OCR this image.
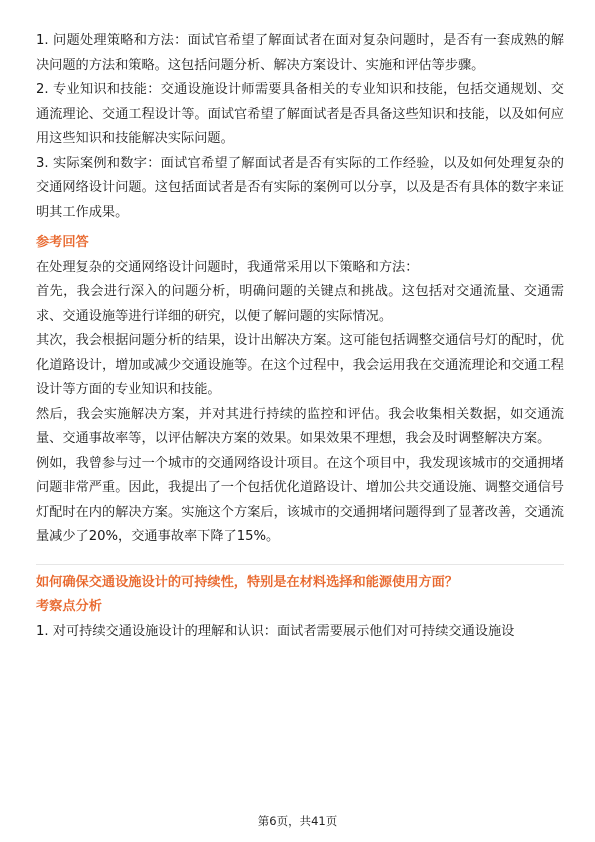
1. 问题处理策略和方法：面试官希望了解面试者在面对复杂问题时，是否有一套成熟的解决问题的方法和策略。这包括问题分析、解决方案设计、实施和评估等步骤。

2. 专业知识和技能：交通设施设计师需要具备相关的专业知识和技能，包括交通规划、交通流理论、交通工程设计等。面试官希望了解面试者是否具备这些知识和技能，以及如何应用这些知识和技能解决实际问题。

3. 实际案例和数字：面试官希望了解面试者是否有实际的工作经验，以及如何处理复杂的交通网络设计问题。这包括面试者是否有实际的案例可以分享，以及是否有具体的数字来证明其工作成果。

参考回答

在处理复杂的交通网络设计问题时，我通常采用以下策略和方法：

首先，我会进行深入的问题分析，明确问题的关键点和挑战。这包括对交通流量、交通需求、交通设施等进行详细的研究，以便了解问题的实际情况。

其次，我会根据问题分析的结果，设计出解决方案。这可能包括调整交通信号灯的配时，优化道路设计，增加或减少交通设施等。在这个过程中，我会运用我在交通流理论和交通工程设计等方面的专业知识和技能。

然后，我会实施解决方案，并对其进行持续的监控和评估。我会收集相关数据，如交通流量、交通事故率等，以评估解决方案的效果。如果效果不理想，我会及时调整解决方案。

例如，我曾参与过一个城市的交通网络设计项目。在这个项目中，我发现该城市的交通拥堵问题非常严重。因此，我提出了一个包括优化道路设计、增加公共交通设施、调整交通信号灯配时在内的解决方案。实施这个方案后，该城市的交通拥堵问题得到了显著改善，交通流量减少了20%，交通事故率下降了15%。

如何确保交通设施设计的可持续性，特别是在材料选择和能源使用方面？

考察点分析

1. 对可持续交通设施设计的理解和认识：面试者需要展示他们对可持续交通设施设

第6页，共41页
